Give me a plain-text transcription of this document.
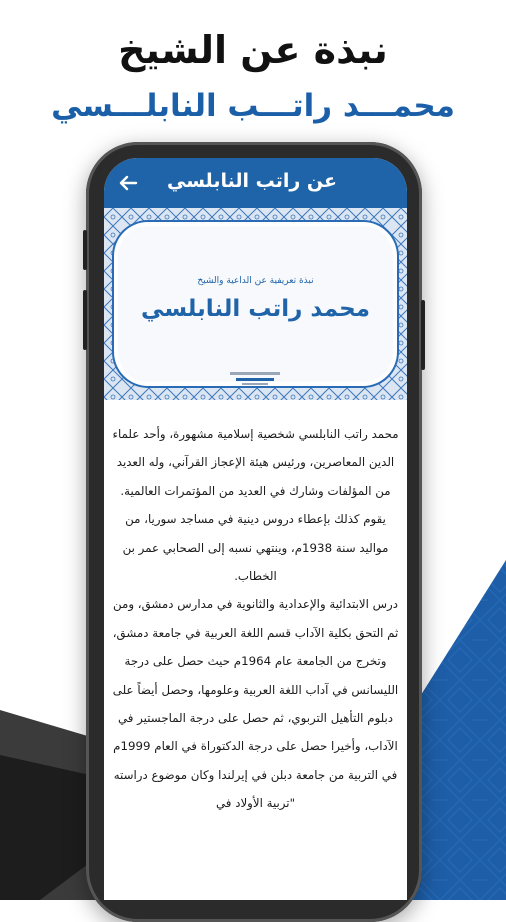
نبذة عن الشيخ
محمـــد راتـــب النابلـــسي
عن راتب النابلسي
نبذة تعريفية عن الداعية والشيخ
محمد راتب النابلسي

محمد راتب النابلسي شخصية إسلامية مشهورة، وأحد علماء الدين المعاصرين، ورئيس هيئة الإعجاز القرآني، وله العديد من المؤلفات وشارك في العديد من المؤتمرات العالمية.

يقوم كذلك بإعطاء دروس دينية في مساجد سوريا، من مواليد سنة 1938م، وينتهي نسبه إلى الصحابي عمر بن الخطاب.

درس الابتدائية والإعدادية والثانوية في مدارس دمشق، ومن ثم التحق بكلية الآداب قسم اللغة العربية في جامعة دمشق، وتخرج من الجامعة عام 1964م حيث حصل على درجة الليسانس في آداب اللغة العربية وعلومها، وحصل أيضاً على دبلوم التأهيل التربوي، ثم حصل على درجة الماجستير في الآداب، وأخيرا حصل على درجة الدكتوراة في العام 1999م في التربية من جامعة دبلن في إيرلندا وكان موضوع دراسته "تربية الأولاد في
